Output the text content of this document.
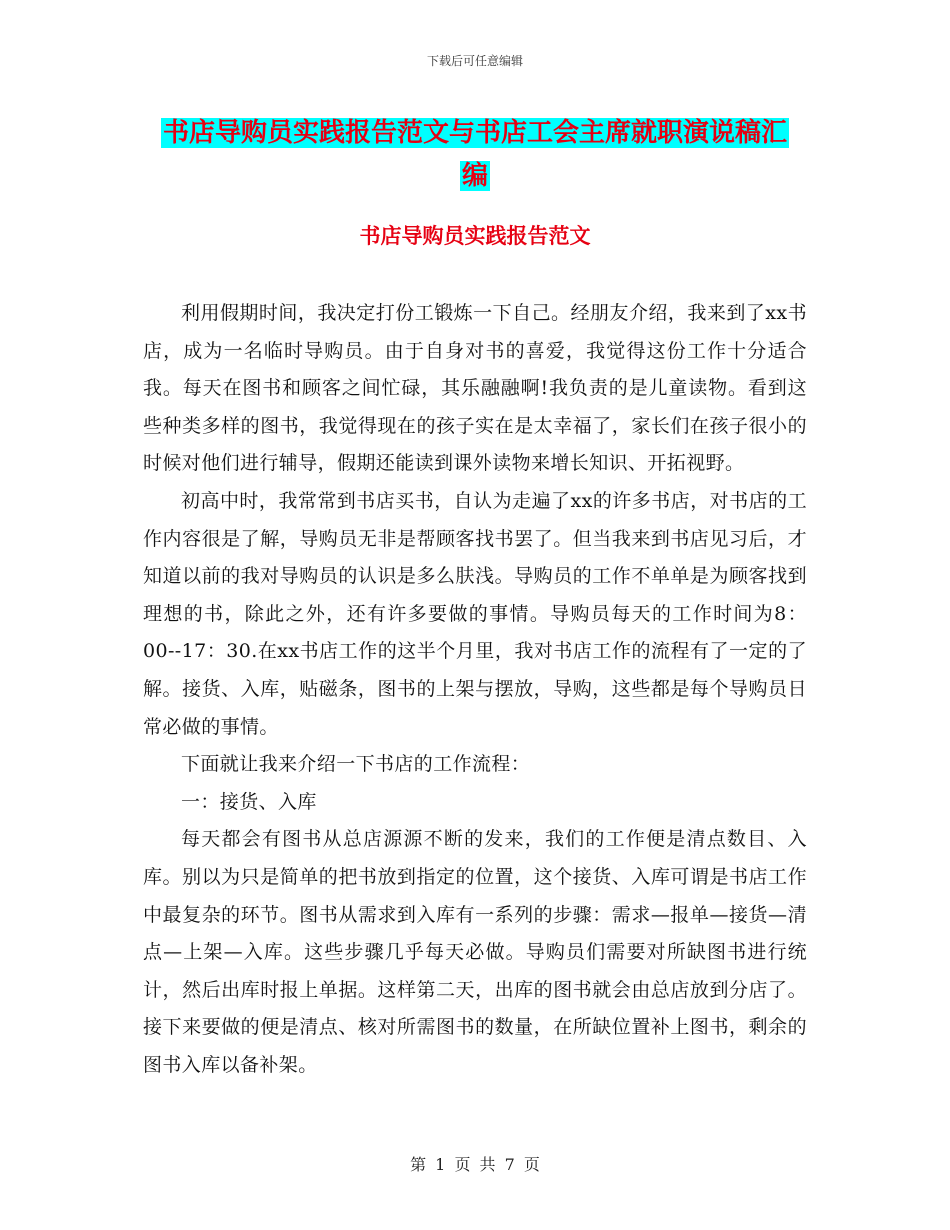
下载后可任意编辑
书店导购员实践报告范文与书店工会主席就职演说稿汇编
书店导购员实践报告范文

利用假期时间，我决定打份工锻炼一下自己。经朋友介绍，我来到了xx书店，成为一名临时导购员。由于自身对书的喜爱，我觉得这份工作十分适合我。每天在图书和顾客之间忙碌，其乐融融啊!我负责的是儿童读物。看到这些种类多样的图书，我觉得现在的孩子实在是太幸福了，家长们在孩子很小的时候对他们进行辅导，假期还能读到课外读物来增长知识、开拓视野。

初高中时，我常常到书店买书，自认为走遍了xx的许多书店，对书店的工作内容很是了解，导购员无非是帮顾客找书罢了。但当我来到书店见习后，才知道以前的我对导购员的认识是多么肤浅。导购员的工作不单单是为顾客找到理想的书，除此之外，还有许多要做的事情。导购员每天的工作时间为8：00--17：30.在xx书店工作的这半个月里，我对书店工作的流程有了一定的了解。接货、入库，贴磁条，图书的上架与摆放，导购，这些都是每个导购员日常必做的事情。

下面就让我来介绍一下书店的工作流程：

一：接货、入库

每天都会有图书从总店源源不断的发来，我们的工作便是清点数目、入库。别以为只是简单的把书放到指定的位置，这个接货、入库可谓是书店工作中最复杂的环节。图书从需求到入库有一系列的步骤：需求—报单—接货—清点—上架—入库。这些步骤几乎每天必做。导购员们需要对所缺图书进行统计，然后出库时报上单据。这样第二天，出库的图书就会由总店放到分店了。接下来要做的便是清点、核对所需图书的数量，在所缺位置补上图书，剩余的图书入库以备补架。

第 1 页 共 7 页
